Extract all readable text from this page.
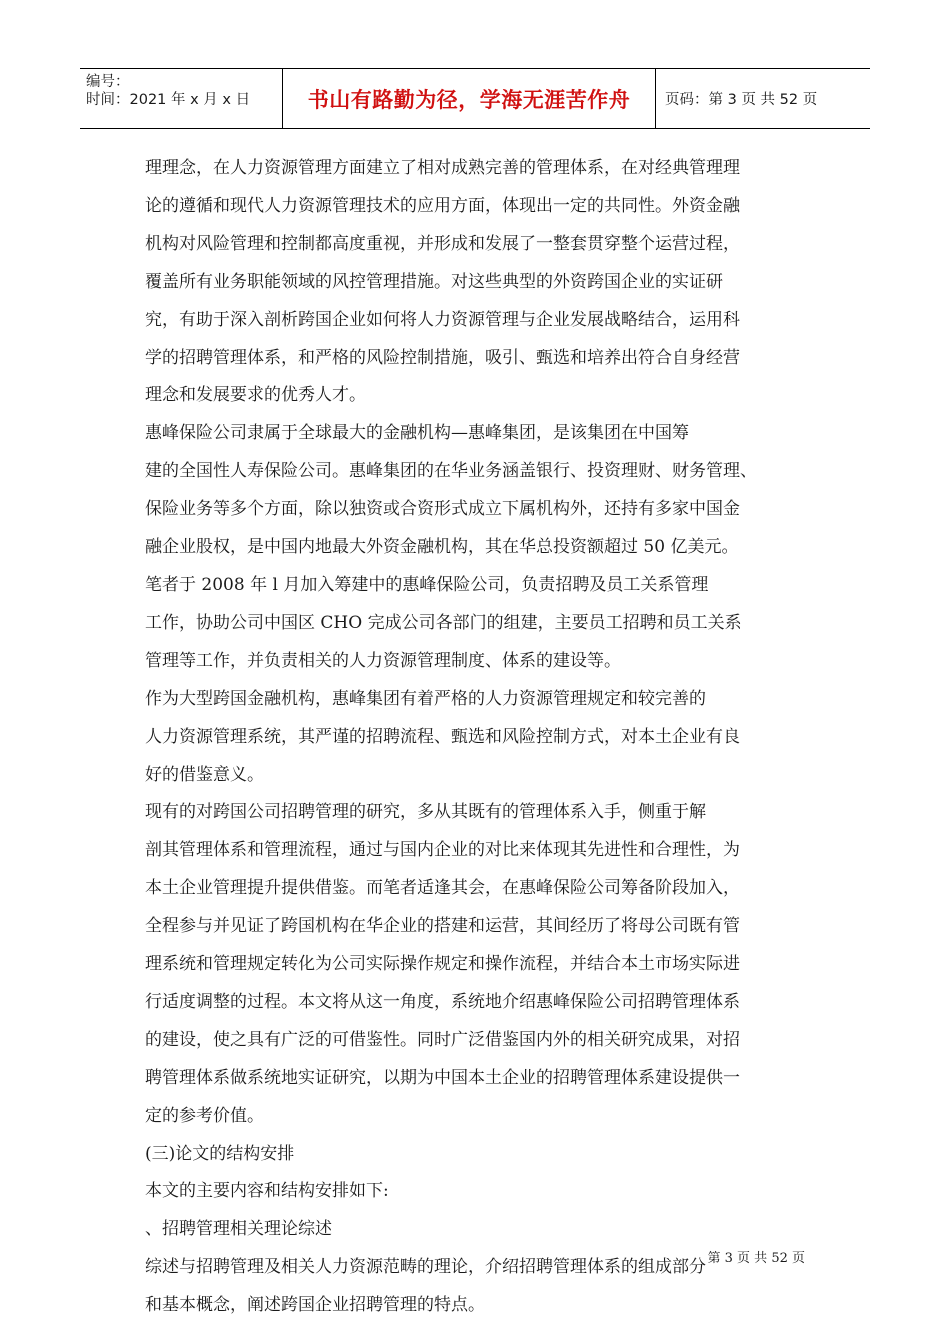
编号：
时间：2021 年 x 月 x 日	书山有路勤为径，学海无涯苦作舟	页码：第 3 页 共 52 页

理理念，在人力资源管理方面建立了相对成熟完善的管理体系，在对经典管理理

论的遵循和现代人力资源管理技术的应用方面，体现出一定的共同性。外资金融

机构对风险管理和控制都高度重视，并形成和发展了一整套贯穿整个运营过程，

覆盖所有业务职能领域的风控管理措施。对这些典型的外资跨国企业的实证研

究，有助于深入剖析跨国企业如何将人力资源管理与企业发展战略结合，运用科

学的招聘管理体系，和严格的风险控制措施，吸引、甄选和培养出符合自身经营

理念和发展要求的优秀人才。

惠峰保险公司隶属于全球最大的金融机构—惠峰集团，是该集团在中国筹

建的全国性人寿保险公司。惠峰集团的在华业务涵盖银行、投资理财、财务管理、

保险业务等多个方面，除以独资或合资形式成立下属机构外，还持有多家中国金

融企业股权，是中国内地最大外资金融机构，其在华总投资额超过 50 亿美元。

笔者于 2008 年 l 月加入筹建中的惠峰保险公司，负责招聘及员工关系管理

工作，协助公司中国区 CHO 完成公司各部门的组建，主要员工招聘和员工关系

管理等工作，并负责相关的人力资源管理制度、体系的建设等。

作为大型跨国金融机构，惠峰集团有着严格的人力资源管理规定和较完善的

人力资源管理系统，其严谨的招聘流程、甄选和风险控制方式，对本土企业有良

好的借鉴意义。

现有的对跨国公司招聘管理的研究，多从其既有的管理体系入手，侧重于解

剖其管理体系和管理流程，通过与国内企业的对比来体现其先进性和合理性，为

本土企业管理提升提供借鉴。而笔者适逢其会，在惠峰保险公司筹备阶段加入，

全程参与并见证了跨国机构在华企业的搭建和运营，其间经历了将母公司既有管

理系统和管理规定转化为公司实际操作规定和操作流程，并结合本土市场实际进

行适度调整的过程。本文将从这一角度，系统地介绍惠峰保险公司招聘管理体系

的建设，使之具有广泛的可借鉴性。同时广泛借鉴国内外的相关研究成果，对招

聘管理体系做系统地实证研究，以期为中国本土企业的招聘管理体系建设提供一

定的参考价值。

(三)论文的结构安排

本文的主要内容和结构安排如下:

、招聘管理相关理论综述

综述与招聘管理及相关人力资源范畴的理论，介绍招聘管理体系的组成部分

和基本概念，阐述跨国企业招聘管理的特点。

第 3 页 共 52 页
